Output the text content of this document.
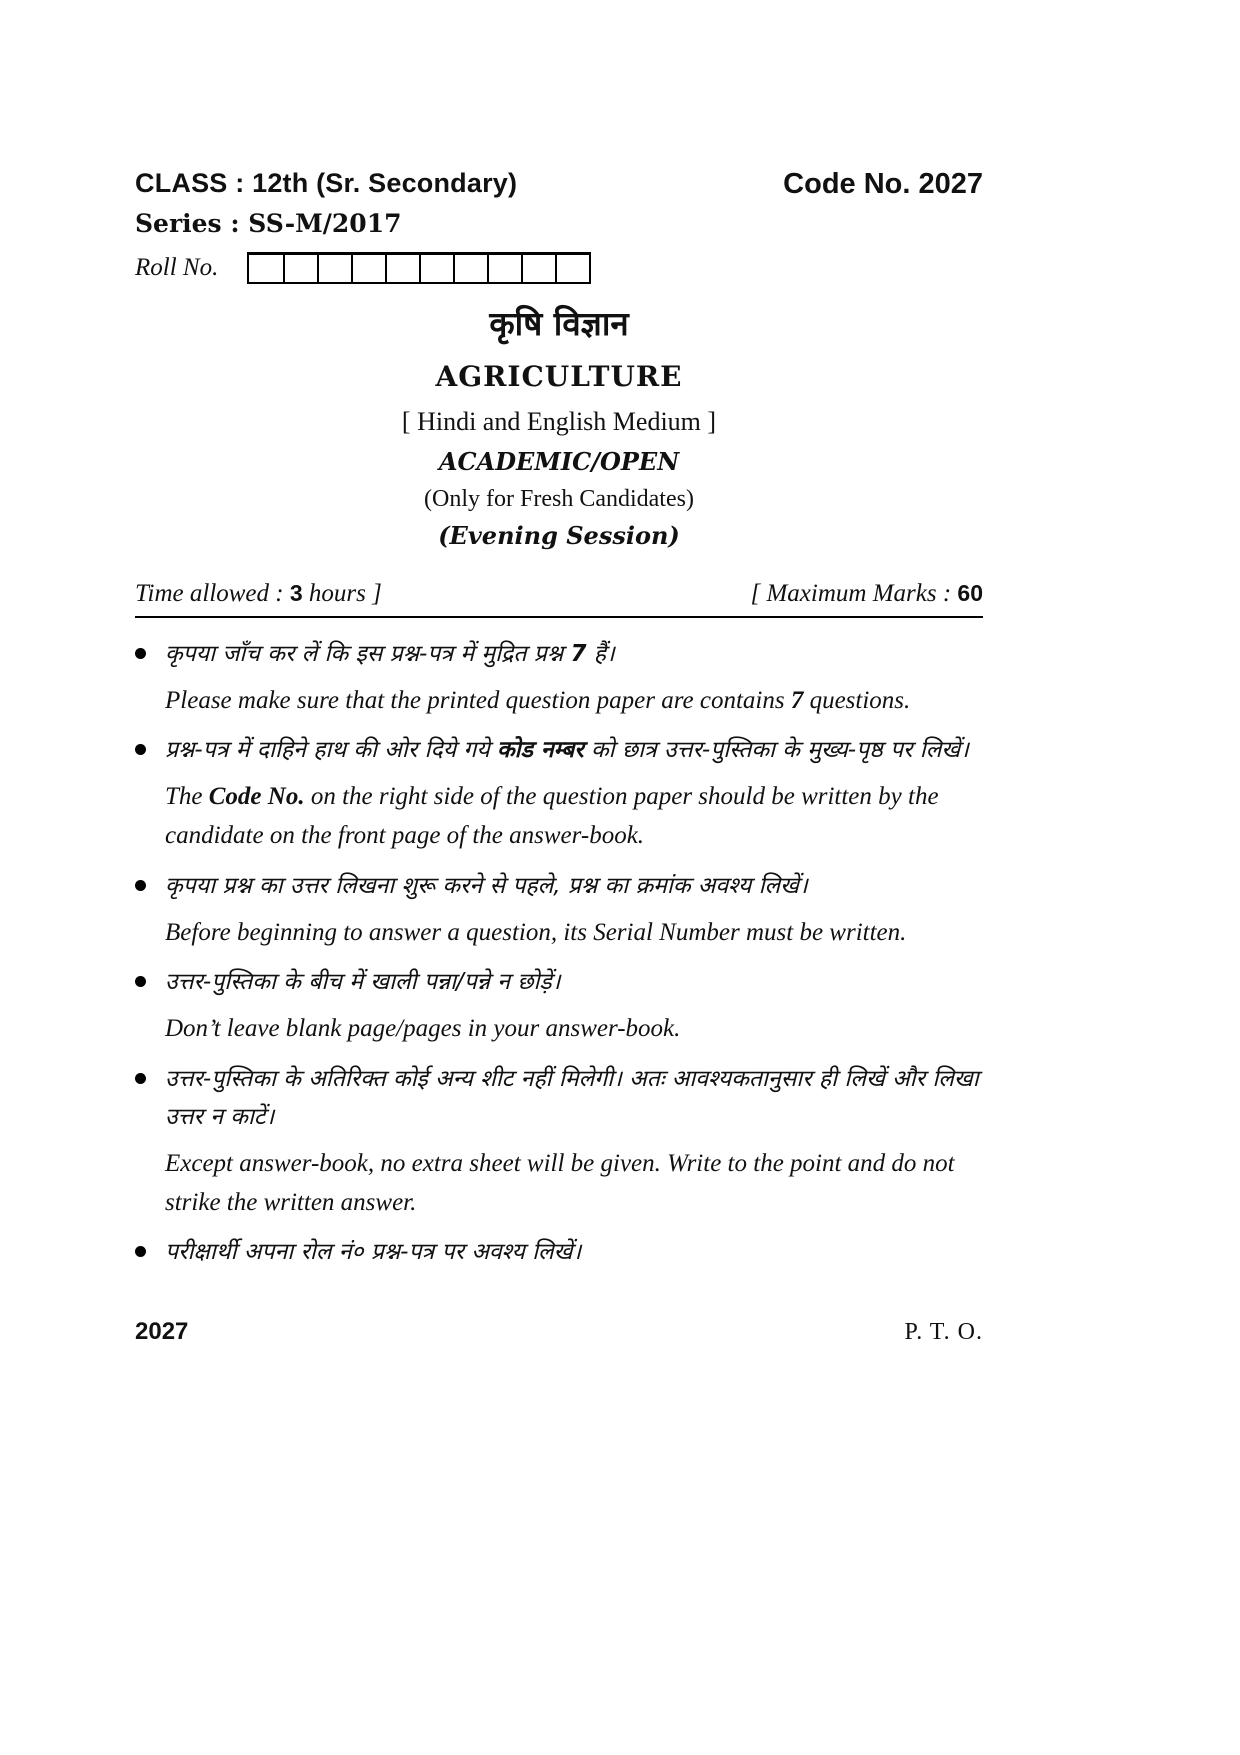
CLASS : 12th (Sr. Secondary)	Code No. 2027
Series : SS-M/2017
Roll No.
कृषि विज्ञान
AGRICULTURE
[ Hindi and English Medium ]
ACADEMIC/OPEN
(Only for Fresh Candidates)
(Evening Session)
Time allowed : 3 hours ]	[ Maximum Marks : 60

कृपया जाँच कर लें कि इस प्रश्न-पत्र में मुद्रित प्रश्न 7 हैं।

Please make sure that the printed question paper are contains 7 questions.

प्रश्न-पत्र में दाहिने हाथ की ओर दिये गये कोड नम्बर को छात्र उत्तर-पुस्तिका के मुख्य-पृष्ठ पर लिखें।

The Code No. on the right side of the question paper should be written by the candidate on the front page of the answer-book.

कृपया प्रश्न का उत्तर लिखना शुरू करने से पहले, प्रश्न का क्रमांक अवश्य लिखें।

Before beginning to answer a question, its Serial Number must be written.

उत्तर-पुस्तिका के बीच में खाली पन्ना/पन्ने न छोड़ें।

Don’t leave blank page/pages in your answer-book.

उत्तर-पुस्तिका के अतिरिक्त कोई अन्य शीट नहीं मिलेगी। अतः आवश्यकतानुसार ही लिखें और लिखा उत्तर न काटें।

Except answer-book, no extra sheet will be given. Write to the point and do not strike the written answer.

परीक्षार्थी अपना रोल नं० प्रश्न-पत्र पर अवश्य लिखें।

2027	P. T. O.
